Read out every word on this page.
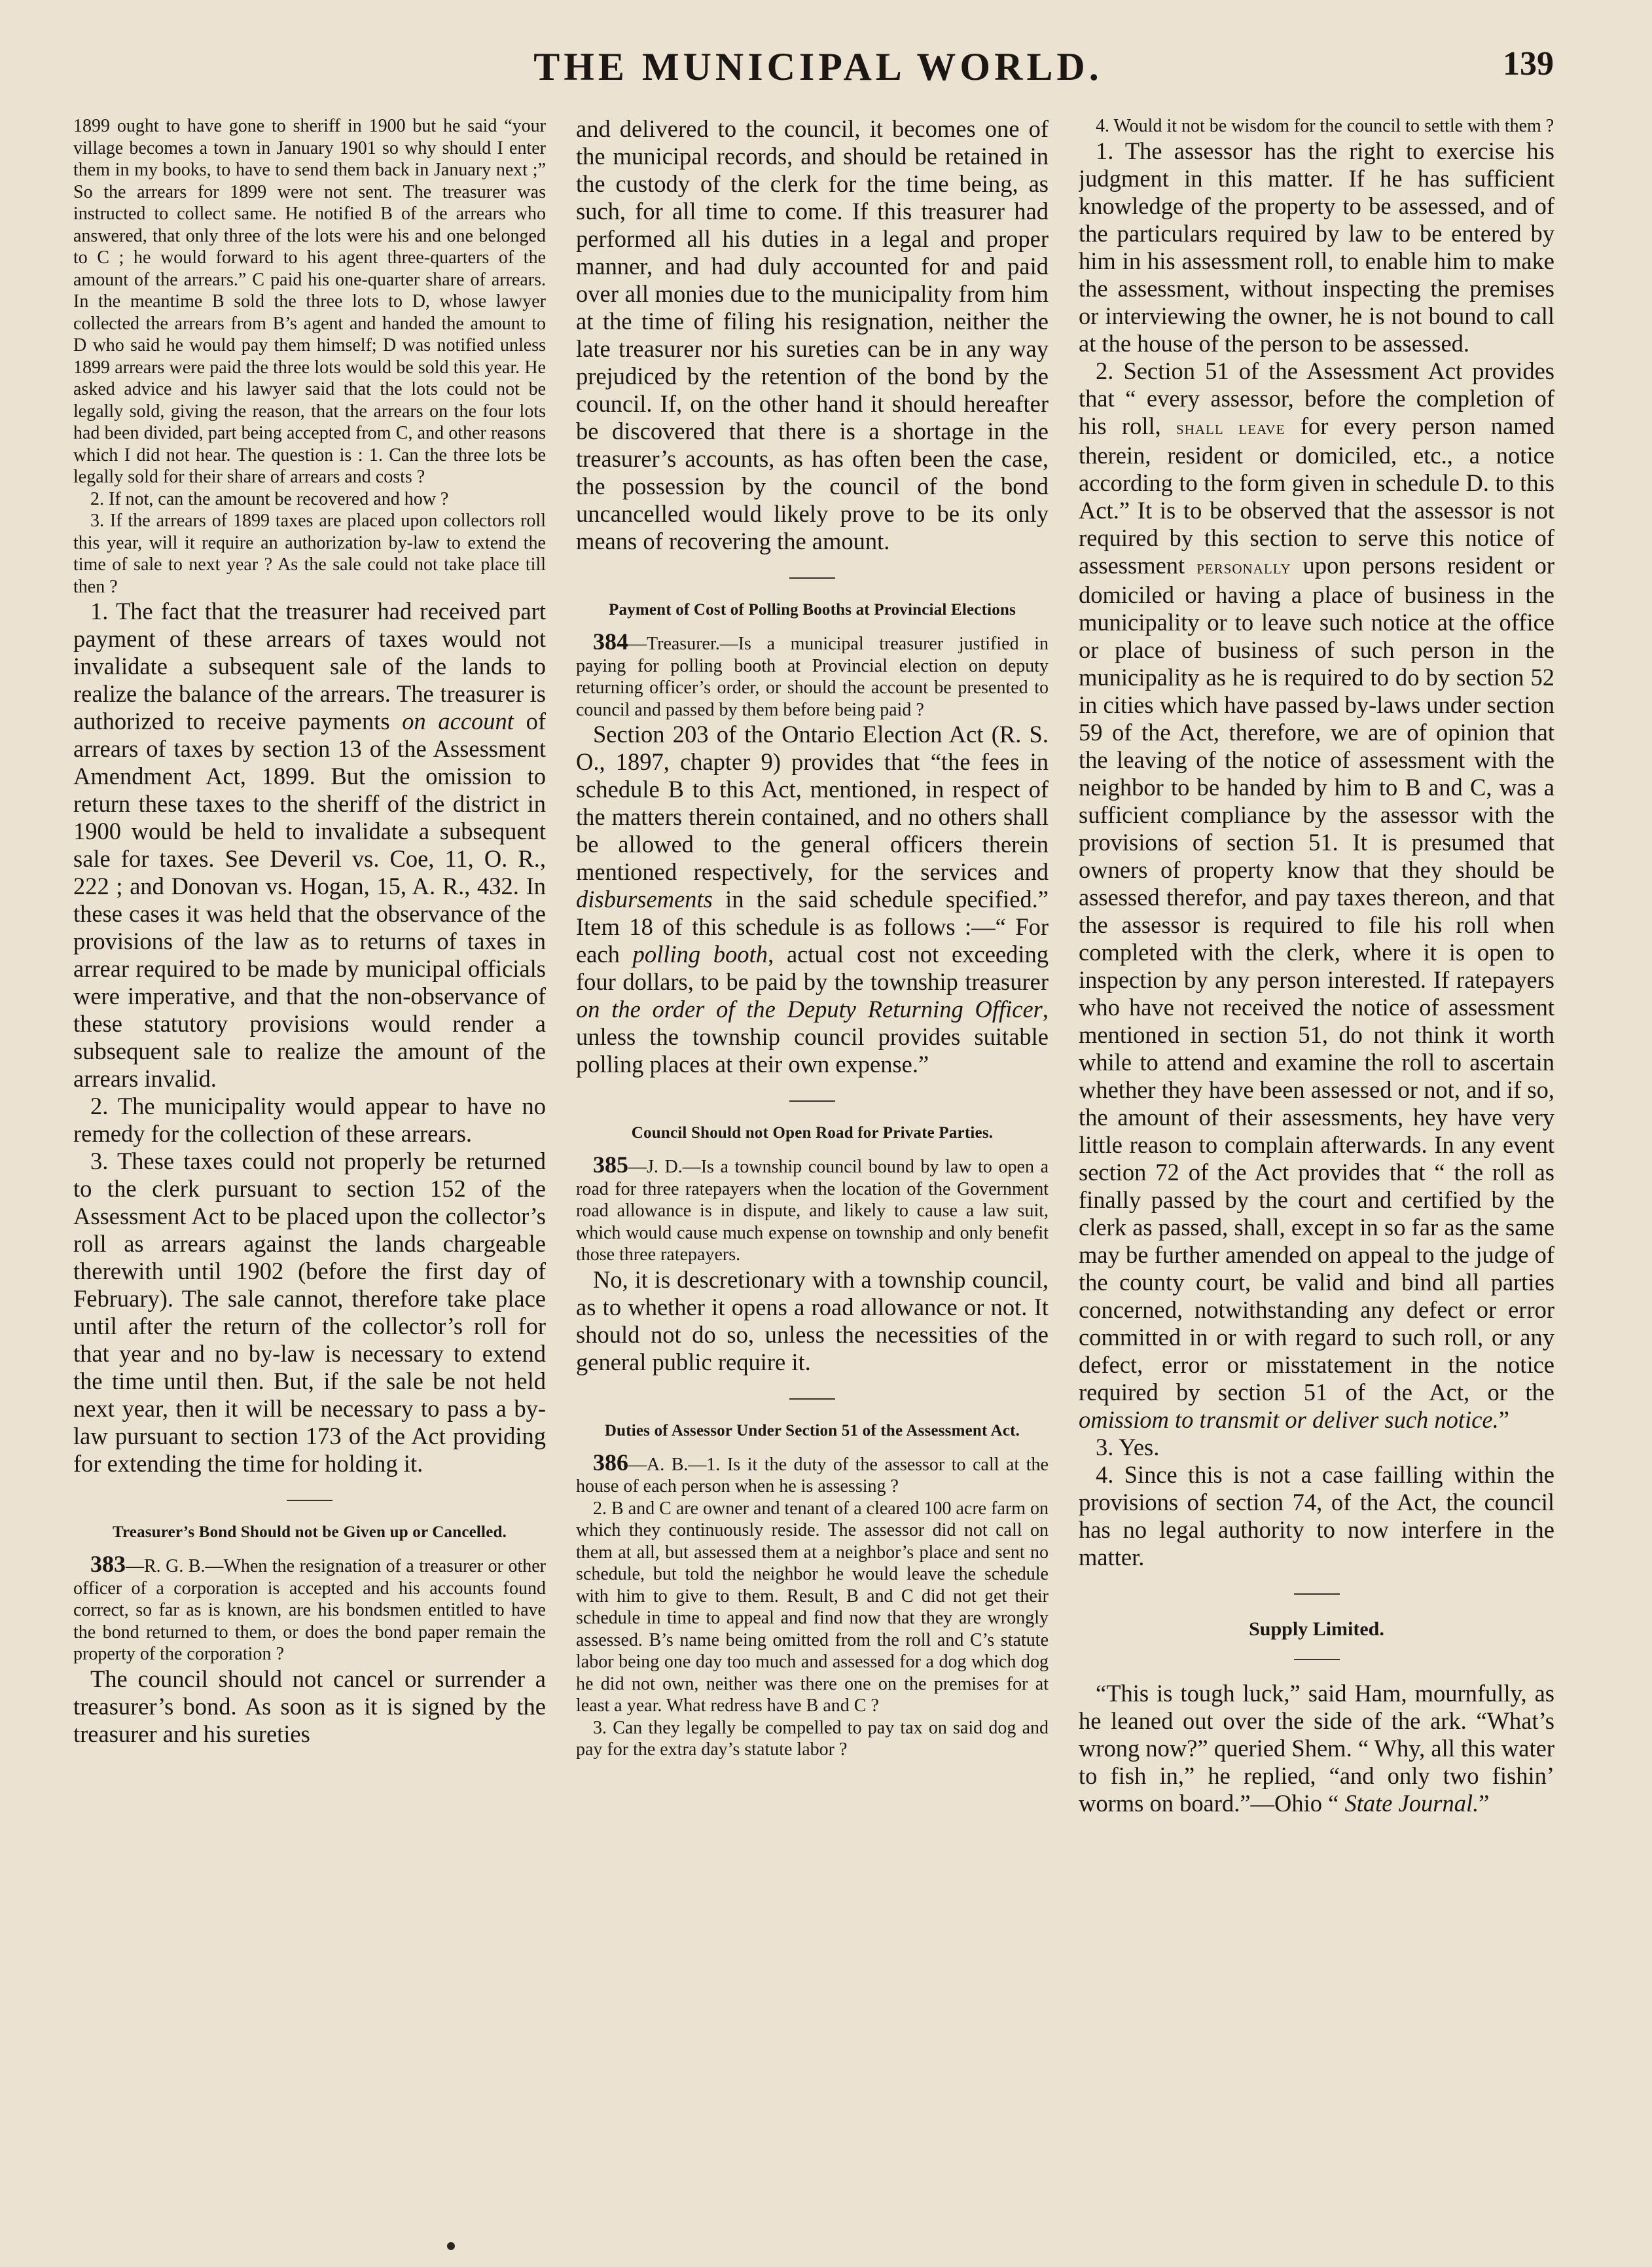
THE MUNICIPAL WORLD.	139

1899 ought to have gone to sheriff in 1900 but he said “your village becomes a town in January 1901 so why should I enter them in my books, to have to send them back in January next ;” So the arrears for 1899 were not sent. The treasurer was instructed to collect same. He notified B of the arrears who answered, that only three of the lots were his and one belonged to C ; he would forward to his agent three-quarters of the amount of the arrears.” C paid his one-quarter share of arrears. In the meantime B sold the three lots to D, whose lawyer collected the arrears from B’s agent and handed the amount to D who said he would pay them himself; D was notified unless 1899 arrears were paid the three lots would be sold this year. He asked advice and his lawyer said that the lots could not be legally sold, giving the reason, that the arrears on the four lots had been divided, part being accepted from C, and other reasons which I did not hear. The question is : 1. Can the three lots be legally sold for their share of arrears and costs ?

2. If not, can the amount be recovered and how ?

3. If the arrears of 1899 taxes are placed upon collectors roll this year, will it require an authorization by-law to extend the time of sale to next year ? As the sale could not take place till then ?

1. The fact that the treasurer had received part payment of these arrears of taxes would not invalidate a subsequent sale of the lands to realize the balance of the arrears. The treasurer is authorized to receive payments on account of arrears of taxes by section 13 of the Assessment Amendment Act, 1899. But the omission to return these taxes to the sheriff of the district in 1900 would be held to invalidate a subsequent sale for taxes. See Deveril vs. Coe, 11, O. R., 222 ; and Donovan vs. Hogan, 15, A. R., 432. In these cases it was held that the observance of the provisions of the law as to returns of taxes in arrear required to be made by municipal officials were imperative, and that the non-observance of these statutory provisions would render a subsequent sale to realize the amount of the arrears invalid.

2. The municipality would appear to have no remedy for the collection of these arrears.

3. These taxes could not properly be returned to the clerk pursuant to section 152 of the Assessment Act to be placed upon the collector’s roll as arrears against the lands chargeable therewith until 1902 (before the first day of February). The sale cannot, therefore take place until after the return of the collector’s roll for that year and no by-law is necessary to extend the time until then. But, if the sale be not held next year, then it will be necessary to pass a by-law pursuant to section 173 of the Act providing for extending the time for holding it.

Treasurer’s Bond Should not be Given up or Cancelled.

383—R. G. B.—When the resignation of a treasurer or other officer of a corporation is accepted and his accounts found correct, so far as is known, are his bondsmen entitled to have the bond returned to them, or does the bond paper remain the property of the corporation ?

The council should not cancel or surrender a treasurer’s bond. As soon as it is signed by the treasurer and his sureties

and delivered to the council, it becomes one of the municipal records, and should be retained in the custody of the clerk for the time being, as such, for all time to come. If this treasurer had performed all his duties in a legal and proper manner, and had duly accounted for and paid over all monies due to the municipality from him at the time of filing his resignation, neither the late treasurer nor his sureties can be in any way prejudiced by the retention of the bond by the council. If, on the other hand it should hereafter be discovered that there is a shortage in the treasurer’s accounts, as has often been the case, the possession by the council of the bond uncancelled would likely prove to be its only means of recovering the amount.

Payment of Cost of Polling Booths at Provincial Elections

384—Treasurer.—Is a municipal treasurer justified in paying for polling booth at Provincial election on deputy returning officer’s order, or should the account be presented to council and passed by them before being paid ?

Section 203 of the Ontario Election Act (R. S. O., 1897, chapter 9) provides that “the fees in schedule B to this Act, mentioned, in respect of the matters therein contained, and no others shall be allowed to the general officers therein mentioned respectively, for the services and disbursements in the said schedule specified.” Item 18 of this schedule is as follows :—“ For each polling booth, actual cost not exceeding four dollars, to be paid by the township treasurer on the order of the Deputy Returning Officer, unless the township council provides suitable polling places at their own expense.”

Council Should not Open Road for Private Parties.

385—J. D.—Is a township council bound by law to open a road for three ratepayers when the location of the Government road allowance is in dispute, and likely to cause a law suit, which would cause much expense on township and only benefit those three ratepayers.

No, it is descretionary with a township council, as to whether it opens a road allowance or not. It should not do so, unless the necessities of the general public require it.

Duties of Assessor Under Section 51 of the Assessment Act.

386—A. B.—1. Is it the duty of the assessor to call at the house of each person when he is assessing ?

2. B and C are owner and tenant of a cleared 100 acre farm on which they continuously reside. The assessor did not call on them at all, but assessed them at a neighbor’s place and sent no schedule, but told the neighbor he would leave the schedule with him to give to them. Result, B and C did not get their schedule in time to appeal and find now that they are wrongly assessed. B’s name being omitted from the roll and C’s statute labor being one day too much and assessed for a dog which dog he did not own, neither was there one on the premises for at least a year. What redress have B and C ?

3. Can they legally be compelled to pay tax on said dog and pay for the extra day’s statute labor ?

4. Would it not be wisdom for the council to settle with them ?

1. The assessor has the right to exercise his judgment in this matter. If he has sufficient knowledge of the property to be assessed, and of the particulars required by law to be entered by him in his assessment roll, to enable him to make the assessment, without inspecting the premises or interviewing the owner, he is not bound to call at the house of the person to be assessed.

2. Section 51 of the Assessment Act provides that “ every assessor, before the completion of his roll, shall leave for every person named therein, resident or domiciled, etc., a notice according to the form given in schedule D. to this Act.” It is to be observed that the assessor is not required by this section to serve this notice of assessment personally upon persons resident or domiciled or having a place of business in the municipality or to leave such notice at the office or place of business of such person in the municipality as he is required to do by section 52 in cities which have passed by-laws under section 59 of the Act, therefore, we are of opinion that the leaving of the notice of assessment with the neighbor to be handed by him to B and C, was a sufficient compliance by the assessor with the provisions of section 51. It is presumed that owners of property know that they should be assessed therefor, and pay taxes thereon, and that the assessor is required to file his roll when completed with the clerk, where it is open to inspection by any person interested. If ratepayers who have not received the notice of assessment mentioned in section 51, do not think it worth while to attend and examine the roll to ascertain whether they have been assessed or not, and if so, the amount of their assessments, hey have very little reason to complain afterwards. In any event section 72 of the Act provides that “ the roll as finally passed by the court and certified by the clerk as passed, shall, except in so far as the same may be further amended on appeal to the judge of the county court, be valid and bind all parties concerned, notwithstanding any defect or error committed in or with regard to such roll, or any defect, error or misstatement in the notice required by section 51 of the Act, or the omissiom to transmit or deliver such notice.”

3. Yes.

4. Since this is not a case failling within the provisions of section 74, of the Act, the council has no legal authority to now interfere in the matter.

Supply Limited.

“This is tough luck,” said Ham, mournfully, as he leaned out over the side of the ark. “What’s wrong now?” queried Shem. “ Why, all this water to fish in,” he replied, “and only two fishin’ worms on board.”—Ohio “ State Journal.”
